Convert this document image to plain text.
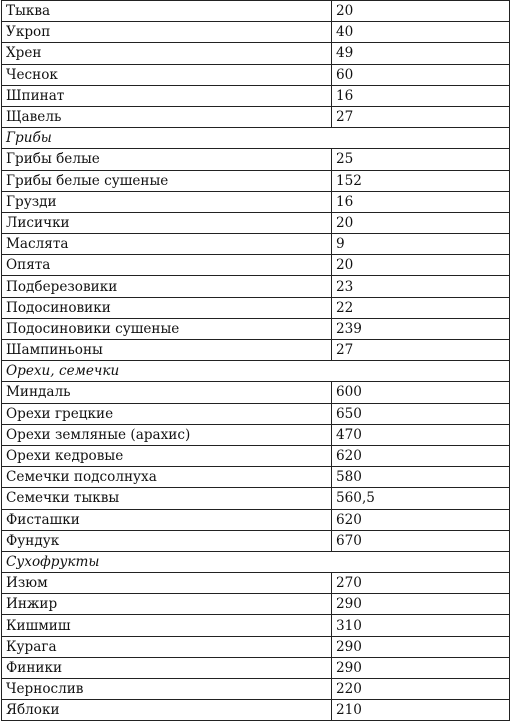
Тыква	20
Укроп	40
Хрен	49
Чеснок	60
Шпинат	16
Щавель	27
Грибы	
Грибы белые	25
Грибы белые сушеные	152
Грузди	16
Лисички	20
Маслята	9
Опята	20
Подберезовики	23
Подосиновики	22
Подосиновики сушеные	239
Шампиньоны	27
Орехи, семечки	
Миндаль	600
Орехи грецкие	650
Орехи земляные (арахис)	470
Орехи кедровые	620
Семечки подсолнуха	580
Семечки тыквы	560,5
Фисташки	620
Фундук	670
Сухофрукты	
Изюм	270
Инжир	290
Кишмиш	310
Курага	290
Финики	290
Чернослив	220
Яблоки	210
